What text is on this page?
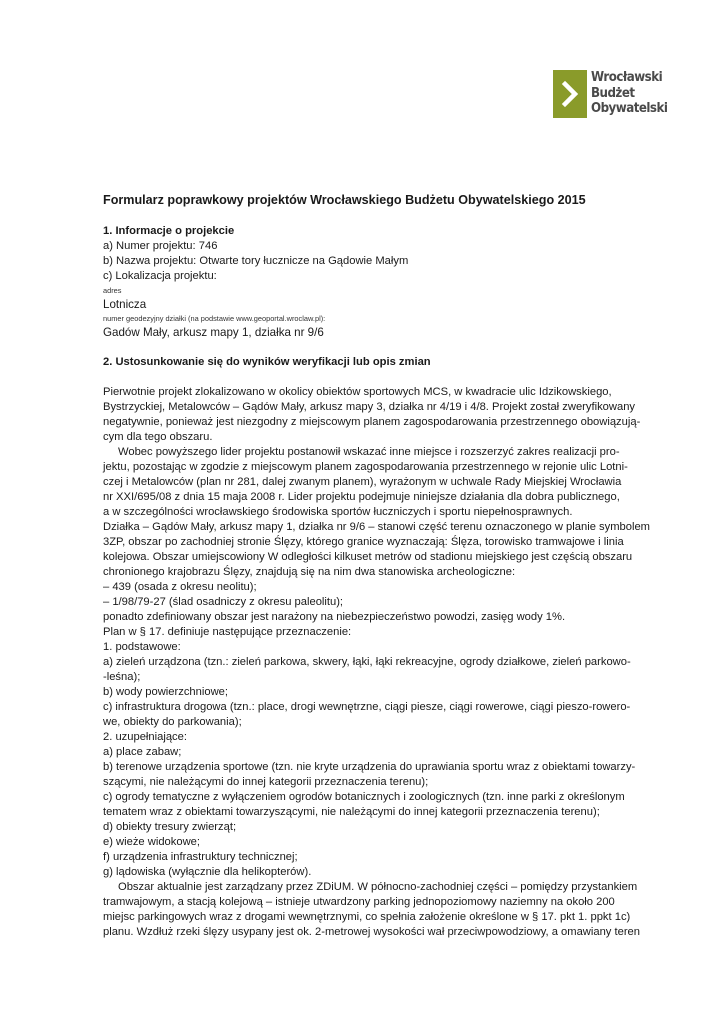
Wrocławski
Budżet
Obywatelski
Formularz poprawkowy projektów Wrocławskiego Budżetu Obywatelskiego 2015

1. Informacje o projekcie

a) Numer projektu: 746

b) Nazwa projektu: Otwarte tory łucznicze na Gądowie Małym

c) Lokalizacja projektu:

adres

Lotnicza

numer geodezyjny działki (na podstawie www.geoportal.wroclaw.pl):

Gadów Mały, arkusz mapy 1, działka nr 9/6

2. Ustosunkowanie się do wyników weryfikacji lub opis zmian

Pierwotnie projekt zlokalizowano w okolicy obiektów sportowych MCS, w kwadracie ulic Idzikowskiego,

Bystrzyckiej, Metalowców – Gądów Mały, arkusz mapy 3, działka nr 4/19 i 4/8. Projekt został zweryfikowany

negatywnie, ponieważ jest niezgodny z miejscowym planem zagospodarowania przestrzennego obowiązują-

cym dla tego obszaru.

Wobec powyższego lider projektu postanowił wskazać inne miejsce i rozszerzyć zakres realizacji pro-

jektu, pozostając w zgodzie z miejscowym planem zagospodarowania przestrzennego w rejonie ulic Lotni-

czej i Metalowców (plan nr 281, dalej zwanym planem), wyrażonym w uchwale Rady Miejskiej Wrocławia

nr XXI/695/08 z dnia 15 maja 2008 r. Lider projektu podejmuje niniejsze działania dla dobra publicznego,

a w szczególności wrocławskiego środowiska sportów łuczniczych i sportu niepełnosprawnych.

Działka – Gądów Mały, arkusz mapy 1, działka nr 9/6 – stanowi część terenu oznaczonego w planie symbolem

3ZP, obszar po zachodniej stronie Ślęzy, którego granice wyznaczają: Ślęza, torowisko tramwajowe i linia

kolejowa. Obszar umiejscowiony W odległości kilkuset metrów od stadionu miejskiego jest częścią obszaru

chronionego krajobrazu Ślęzy, znajdują się na nim dwa stanowiska archeologiczne:

– 439 (osada z okresu neolitu);

– 1/98/79-27 (ślad osadniczy z okresu paleolitu);

ponadto zdefiniowany obszar jest narażony na niebezpieczeństwo powodzi, zasięg wody 1%.

Plan w § 17. definiuje następujące przeznaczenie:

1. podstawowe:

a) zieleń urządzona (tzn.: zieleń parkowa, skwery, łąki, łąki rekreacyjne, ogrody działkowe, zieleń parkowo-

-leśna);

b) wody powierzchniowe;

c) infrastruktura drogowa (tzn.: place, drogi wewnętrzne, ciągi piesze, ciągi rowerowe, ciągi pieszo-rowero-

we, obiekty do parkowania);

2. uzupełniające:

a) place zabaw;

b) terenowe urządzenia sportowe (tzn. nie kryte urządzenia do uprawiania sportu wraz z obiektami towarzy-

szącymi, nie należącymi do innej kategorii przeznaczenia terenu);

c) ogrody tematyczne z wyłączeniem ogrodów botanicznych i zoologicznych (tzn. inne parki z określonym

tematem wraz z obiektami towarzyszącymi, nie należącymi do innej kategorii przeznaczenia terenu);

d) obiekty tresury zwierząt;

e) wieże widokowe;

f) urządzenia infrastruktury technicznej;

g) lądowiska (wyłącznie dla helikopterów).

Obszar aktualnie jest zarządzany przez ZDiUM. W północno-zachodniej części – pomiędzy przystankiem

tramwajowym, a stacją kolejową – istnieje utwardzony parking jednopoziomowy naziemny na około 200

miejsc parkingowych wraz z drogami wewnętrznymi, co spełnia założenie określone w § 17. pkt 1. ppkt 1c)

planu. Wzdłuż rzeki ślęzy usypany jest ok. 2-metrowej wysokości wał przeciwpowodziowy, a omawiany teren
